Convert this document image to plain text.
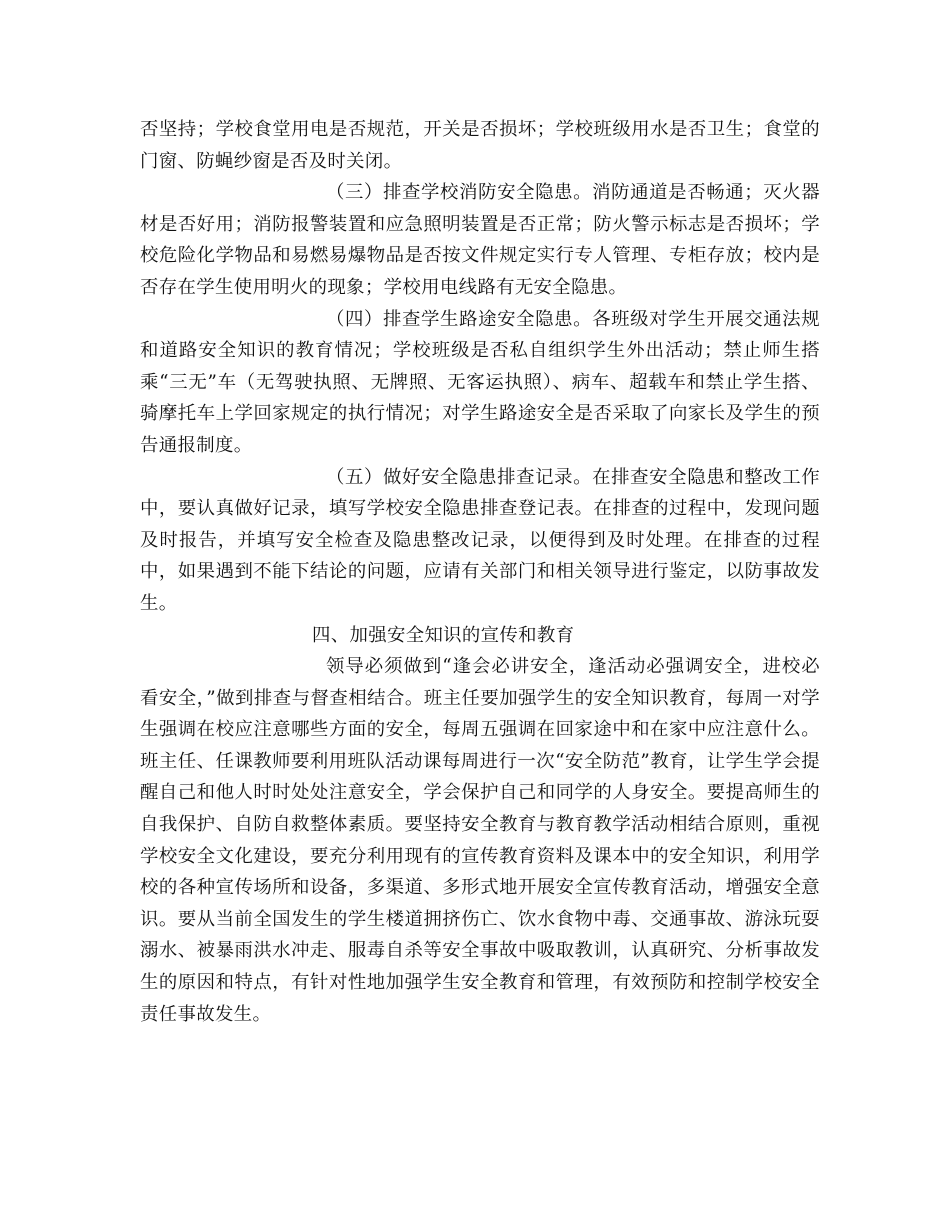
否坚持；学校食堂用电是否规范，开关是否损坏；学校班级用水是否卫生；食堂的门窗、防蝇纱窗是否及时关闭。

（三）排查学校消防安全隐患。消防通道是否畅通；灭火器材是否好用；消防报警装置和应急照明装置是否正常；防火警示标志是否损坏；学校危险化学物品和易燃易爆物品是否按文件规定实行专人管理、专柜存放；校内是否存在学生使用明火的现象；学校用电线路有无安全隐患。

（四）排查学生路途安全隐患。各班级对学生开展交通法规和道路安全知识的教育情况；学校班级是否私自组织学生外出活动；禁止师生搭乘“三无”车（无驾驶执照、无牌照、无客运执照）、病车、超载车和禁止学生搭、骑摩托车上学回家规定的执行情况；对学生路途安全是否采取了向家长及学生的预告通报制度。

（五）做好安全隐患排查记录。在排查安全隐患和整改工作中，要认真做好记录，填写学校安全隐患排查登记表。在排查的过程中，发现问题及时报告，并填写安全检查及隐患整改记录，以便得到及时处理。在排查的过程中，如果遇到不能下结论的问题，应请有关部门和相关领导进行鉴定，以防事故发生。

四、加强安全知识的宣传和教育

领导必须做到“逢会必讲安全，逢活动必强调安全，进校必看安全，”做到排查与督查相结合。班主任要加强学生的安全知识教育，每周一对学生强调在校应注意哪些方面的安全，每周五强调在回家途中和在家中应注意什么。班主任、任课教师要利用班队活动课每周进行一次“安全防范”教育，让学生学会提醒自己和他人时时处处注意安全，学会保护自己和同学的人身安全。要提高师生的自我保护、自防自救整体素质。要坚持安全教育与教育教学活动相结合原则，重视学校安全文化建设，要充分利用现有的宣传教育资料及课本中的安全知识，利用学校的各种宣传场所和设备，多渠道、多形式地开展安全宣传教育活动，增强安全意识。要从当前全国发生的学生楼道拥挤伤亡、饮水食物中毒、交通事故、游泳玩耍溺水、被暴雨洪水冲走、服毒自杀等安全事故中吸取教训，认真研究、分析事故发生的原因和特点，有针对性地加强学生安全教育和管理，有效预防和控制学校安全责任事故发生。
